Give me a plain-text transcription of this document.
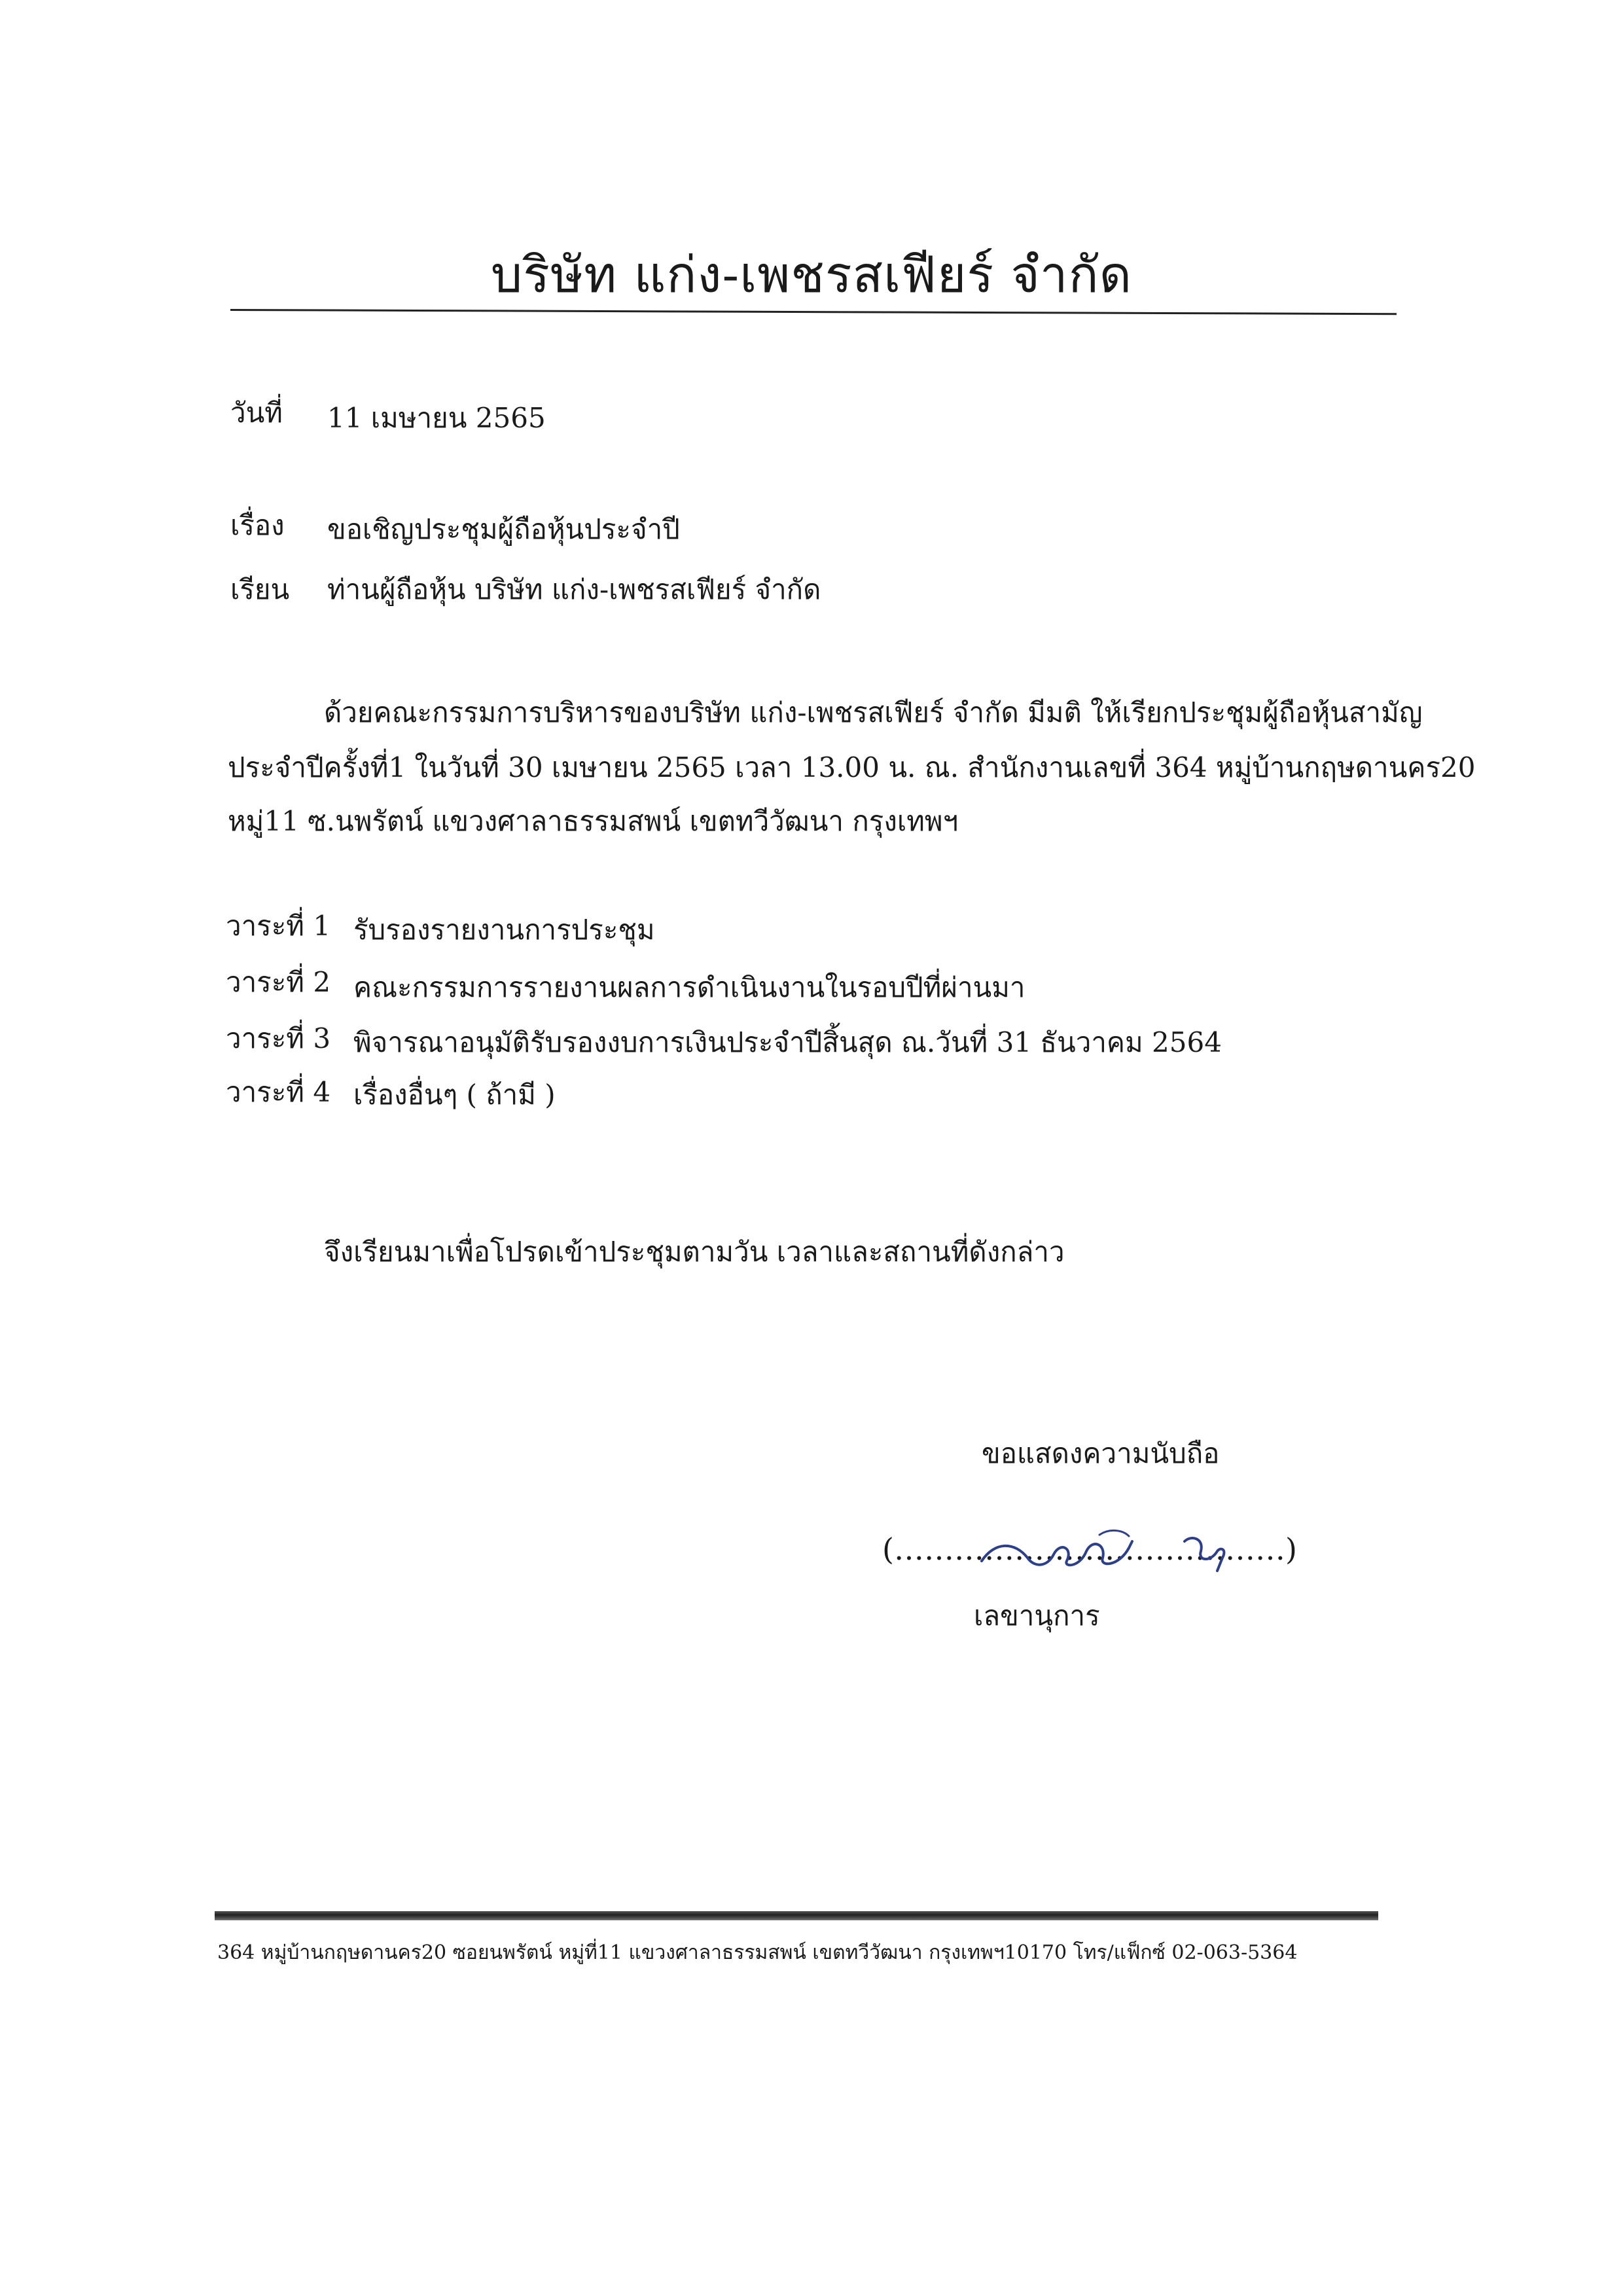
บริษัท แก่ง-เพชรสเฟียร์ จำกัด
วันที่ 11 เมษายน 2565
เรื่อง ขอเชิญประชุมผู้ถือหุ้นประจำปี
เรียน ท่านผู้ถือหุ้น บริษัท แก่ง-เพชรสเฟียร์ จำกัด
ด้วยคณะกรรมการบริหารของบริษัท แก่ง-เพชรสเฟียร์ จำกัด มีมติ ให้เรียกประชุมผู้ถือหุ้นสามัญ
ประจำปีครั้งที่1 ในวันที่ 30 เมษายน 2565 เวลา 13.00 น. ณ. สำนักงานเลขที่ 364 หมู่บ้านกฤษดานคร20
หมู่11 ซ.นพรัตน์ แขวงศาลาธรรมสพน์ เขตทวีวัฒนา กรุงเทพฯ
วาระที่ 1 รับรองรายงานการประชุม
วาระที่ 2 คณะกรรมการรายงานผลการดำเนินงานในรอบปีที่ผ่านมา
วาระที่ 3 พิจารณาอนุมัติรับรองงบการเงินประจำปีสิ้นสุด ณ.วันที่ 31 ธันวาคม 2564
วาระที่ 4 เรื่องอื่นๆ ( ถ้ามี )
จึงเรียนมาเพื่อโปรดเข้าประชุมตามวัน เวลาและสถานที่ดังกล่าว
ขอแสดงความนับถือ
(…………………………………)
เลขานุการ
364 หมู่บ้านกฤษดานคร20 ซอยนพรัตน์ หมู่ที่11 แขวงศาลาธรรมสพน์ เขตทวีวัฒนา กรุงเทพฯ10170 โทร/แฟ็กซ์ 02-063-5364
